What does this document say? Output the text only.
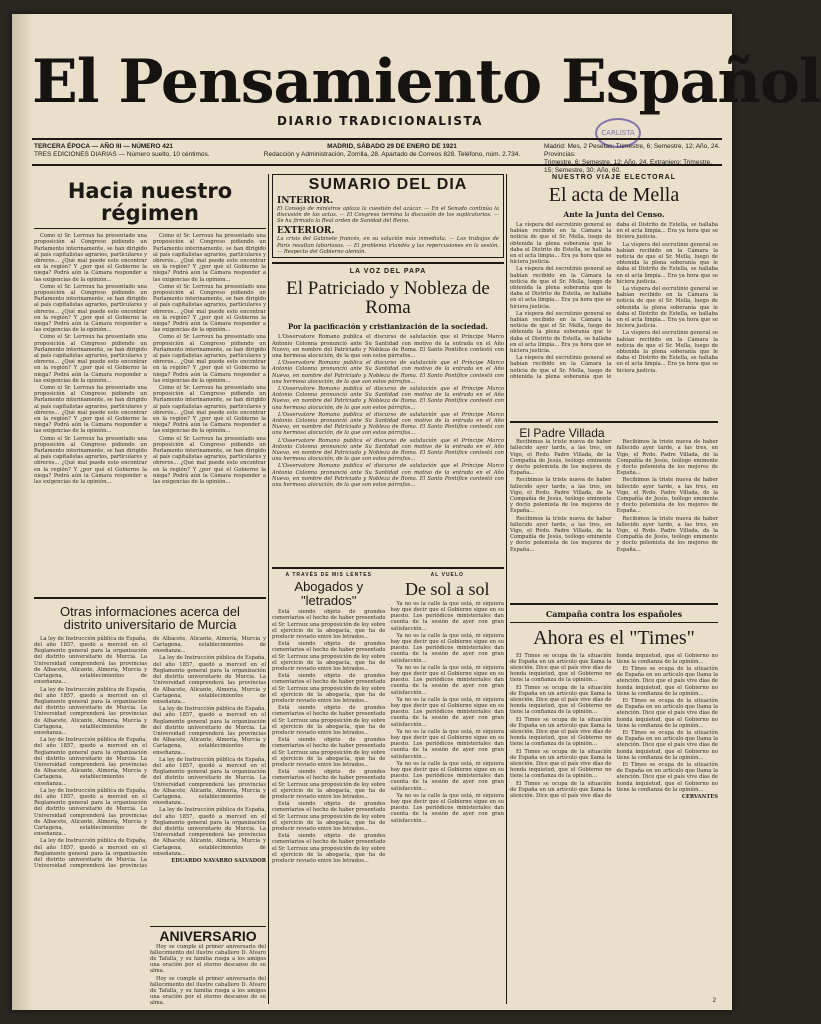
El Pensamiento Español
DIARIO TRADICIONALISTA
CARLISTA
TERCERA ÉPOCA — AÑO III — NÚMERO 421
TRES EDICIONES DIARIAS — Número suelto, 10 céntimos.
MADRID, SÁBADO 29 DE ENERO DE 1921
Redacción y Administración, Zorrilla, 28. Apartado de Correos 828. Teléfono, núm. 2.734.
Madrid: Mes, 2 Pesetas; Trimestre, 6; Semestre, 12; Año, 24. Provincias:
Trimestre, 6; Semestre, 12; Año, 24. Extranjero: Trimestre, 15; Semestre, 30; Año, 60.
Hacia nuestro régimen

Como el Sr. Lerroux ha presentado una proposición al Congreso pidiendo un Parlamento interinamente, se han dirigido al país capitalistas agrarios, particulares y obreros... ¿Qué mal puede esto encontrar en la región? Y ¿por qué el Gobierno la niega? Podrá aún la Cámara responder a las exigencias de la opinión...

Como el Sr. Lerroux ha presentado una proposición al Congreso pidiendo un Parlamento interinamente, se han dirigido al país capitalistas agrarios, particulares y obreros... ¿Qué mal puede esto encontrar en la región? Y ¿por qué el Gobierno la niega? Podrá aún la Cámara responder a las exigencias de la opinión...

Como el Sr. Lerroux ha presentado una proposición al Congreso pidiendo un Parlamento interinamente, se han dirigido al país capitalistas agrarios, particulares y obreros... ¿Qué mal puede esto encontrar en la región? Y ¿por qué el Gobierno la niega? Podrá aún la Cámara responder a las exigencias de la opinión...

Como el Sr. Lerroux ha presentado una proposición al Congreso pidiendo un Parlamento interinamente, se han dirigido al país capitalistas agrarios, particulares y obreros... ¿Qué mal puede esto encontrar en la región? Y ¿por qué el Gobierno la niega? Podrá aún la Cámara responder a las exigencias de la opinión...

Como el Sr. Lerroux ha presentado una proposición al Congreso pidiendo un Parlamento interinamente, se han dirigido al país capitalistas agrarios, particulares y obreros... ¿Qué mal puede esto encontrar en la región? Y ¿por qué el Gobierno la niega? Podrá aún la Cámara responder a las exigencias de la opinión...

Como el Sr. Lerroux ha presentado una proposición al Congreso pidiendo un Parlamento interinamente, se han dirigido al país capitalistas agrarios, particulares y obreros... ¿Qué mal puede esto encontrar en la región? Y ¿por qué el Gobierno la niega? Podrá aún la Cámara responder a las exigencias de la opinión...

Como el Sr. Lerroux ha presentado una proposición al Congreso pidiendo un Parlamento interinamente, se han dirigido al país capitalistas agrarios, particulares y obreros... ¿Qué mal puede esto encontrar en la región? Y ¿por qué el Gobierno la niega? Podrá aún la Cámara responder a las exigencias de la opinión...

Como el Sr. Lerroux ha presentado una proposición al Congreso pidiendo un Parlamento interinamente, se han dirigido al país capitalistas agrarios, particulares y obreros... ¿Qué mal puede esto encontrar en la región? Y ¿por qué el Gobierno la niega? Podrá aún la Cámara responder a las exigencias de la opinión...

Como el Sr. Lerroux ha presentado una proposición al Congreso pidiendo un Parlamento interinamente, se han dirigido al país capitalistas agrarios, particulares y obreros... ¿Qué mal puede esto encontrar en la región? Y ¿por qué el Gobierno la niega? Podrá aún la Cámara responder a las exigencias de la opinión...

Como el Sr. Lerroux ha presentado una proposición al Congreso pidiendo un Parlamento interinamente, se han dirigido al país capitalistas agrarios, particulares y obreros... ¿Qué mal puede esto encontrar en la región? Y ¿por qué el Gobierno la niega? Podrá aún la Cámara responder a las exigencias de la opinión...

Otras informaciones acerca del distrito universitario de Murcia

La ley de Instrucción pública de España, del año 1857, quedó a merced en el Reglamento general para la organización del distrito universitario de Murcia. La Universidad comprenderá las provincias de Albacete, Alicante, Almería, Murcia y Cartagena, establecimientos de enseñanza...

La ley de Instrucción pública de España, del año 1857, quedó a merced en el Reglamento general para la organización del distrito universitario de Murcia. La Universidad comprenderá las provincias de Albacete, Alicante, Almería, Murcia y Cartagena, establecimientos de enseñanza...

La ley de Instrucción pública de España, del año 1857, quedó a merced en el Reglamento general para la organización del distrito universitario de Murcia. La Universidad comprenderá las provincias de Albacete, Alicante, Almería, Murcia y Cartagena, establecimientos de enseñanza...

La ley de Instrucción pública de España, del año 1857, quedó a merced en el Reglamento general para la organización del distrito universitario de Murcia. La Universidad comprenderá las provincias de Albacete, Alicante, Almería, Murcia y Cartagena, establecimientos de enseñanza...

La ley de Instrucción pública de España, del año 1857, quedó a merced en el Reglamento general para la organización del distrito universitario de Murcia. La Universidad comprenderá las provincias de Albacete, Alicante, Almería, Murcia y Cartagena, establecimientos de enseñanza...

La ley de Instrucción pública de España, del año 1857, quedó a merced en el Reglamento general para la organización del distrito universitario de Murcia. La Universidad comprenderá las provincias de Albacete, Alicante, Almería, Murcia y Cartagena, establecimientos de enseñanza...

La ley de Instrucción pública de España, del año 1857, quedó a merced en el Reglamento general para la organización del distrito universitario de Murcia. La Universidad comprenderá las provincias de Albacete, Alicante, Almería, Murcia y Cartagena, establecimientos de enseñanza...

La ley de Instrucción pública de España, del año 1857, quedó a merced en el Reglamento general para la organización del distrito universitario de Murcia. La Universidad comprenderá las provincias de Albacete, Alicante, Almería, Murcia y Cartagena, establecimientos de enseñanza...

La ley de Instrucción pública de España, del año 1857, quedó a merced en el Reglamento general para la organización del distrito universitario de Murcia. La Universidad comprenderá las provincias de Albacete, Alicante, Almería, Murcia y Cartagena, establecimientos de enseñanza...

EDUARDO NAVARRO SALVADOR

ANIVERSARIO

Hoy se cumple el primer aniversario del fallecimiento del ilustre caballero D. Álvaro de Tafalla, y su familia ruega a los amigos una oración por el eterno descanso de su alma.

Hoy se cumple el primer aniversario del fallecimiento del ilustre caballero D. Álvaro de Tafalla, y su familia ruega a los amigos una oración por el eterno descanso de su alma.

SUMARIO DEL DIA
INTERIOR.
El Consejo de ministros aplaza la cuestión del azúcar. — En el Senado continúa la discusión de las actas. — El Congreso termina la discusión de los suplicatorios. — Se ha firmado la Real orden de Sanidad del Reino.
EXTERIOR.
La crisis del Gabinete francés, en su solución más inmediata. — Los trabajos de Paris resultan laboriosos. — El problema irlandés y las repercusiones en la sesión. — Respecto del Gobierno alemán.
LA VOZ DEL PAPA
El Patriciado y Nobleza de Roma
Por la pacificación y cristianización de la sociedad.

L'Osservatore Romano publica el discurso de salutación que el Príncipe Marco Antonio Colonna pronunció ante Su Santidad con motivo de la entrada en el Año Nuevo, en nombre del Patriciado y Nobleza de Roma. El Santo Pontífice contestó con una hermosa alocución, de la que son estos párrafos...

L'Osservatore Romano publica el discurso de salutación que el Príncipe Marco Antonio Colonna pronunció ante Su Santidad con motivo de la entrada en el Año Nuevo, en nombre del Patriciado y Nobleza de Roma. El Santo Pontífice contestó con una hermosa alocución, de la que son estos párrafos...

L'Osservatore Romano publica el discurso de salutación que el Príncipe Marco Antonio Colonna pronunció ante Su Santidad con motivo de la entrada en el Año Nuevo, en nombre del Patriciado y Nobleza de Roma. El Santo Pontífice contestó con una hermosa alocución, de la que son estos párrafos...

L'Osservatore Romano publica el discurso de salutación que el Príncipe Marco Antonio Colonna pronunció ante Su Santidad con motivo de la entrada en el Año Nuevo, en nombre del Patriciado y Nobleza de Roma. El Santo Pontífice contestó con una hermosa alocución, de la que son estos párrafos...

L'Osservatore Romano publica el discurso de salutación que el Príncipe Marco Antonio Colonna pronunció ante Su Santidad con motivo de la entrada en el Año Nuevo, en nombre del Patriciado y Nobleza de Roma. El Santo Pontífice contestó con una hermosa alocución, de la que son estos párrafos...

L'Osservatore Romano publica el discurso de salutación que el Príncipe Marco Antonio Colonna pronunció ante Su Santidad con motivo de la entrada en el Año Nuevo, en nombre del Patriciado y Nobleza de Roma. El Santo Pontífice contestó con una hermosa alocución, de la que son estos párrafos...

A TRAVÉS DE MIS LENTES
Abogados y "letrados"

Está siendo objeto de grandes comentarios el hecho de haber presentado el Sr. Lerroux una proposición de ley sobre el ejercicio de la abogacía, que ha de producir revuelo entre los letrados...

Está siendo objeto de grandes comentarios el hecho de haber presentado el Sr. Lerroux una proposición de ley sobre el ejercicio de la abogacía, que ha de producir revuelo entre los letrados...

Está siendo objeto de grandes comentarios el hecho de haber presentado el Sr. Lerroux una proposición de ley sobre el ejercicio de la abogacía, que ha de producir revuelo entre los letrados...

Está siendo objeto de grandes comentarios el hecho de haber presentado el Sr. Lerroux una proposición de ley sobre el ejercicio de la abogacía, que ha de producir revuelo entre los letrados...

Está siendo objeto de grandes comentarios el hecho de haber presentado el Sr. Lerroux una proposición de ley sobre el ejercicio de la abogacía, que ha de producir revuelo entre los letrados...

Está siendo objeto de grandes comentarios el hecho de haber presentado el Sr. Lerroux una proposición de ley sobre el ejercicio de la abogacía, que ha de producir revuelo entre los letrados...

Está siendo objeto de grandes comentarios el hecho de haber presentado el Sr. Lerroux una proposición de ley sobre el ejercicio de la abogacía, que ha de producir revuelo entre los letrados...

Está siendo objeto de grandes comentarios el hecho de haber presentado el Sr. Lerroux una proposición de ley sobre el ejercicio de la abogacía, que ha de producir revuelo entre los letrados...

AL VUELO
De sol a sol

Ya no es la calle la que está, ni siquiera hay que decir que el Gobierno sigue en su puesto. Los periódicos ministeriales dan cuenta de la sesión de ayer con gran satisfacción...

Ya no es la calle la que está, ni siquiera hay que decir que el Gobierno sigue en su puesto. Los periódicos ministeriales dan cuenta de la sesión de ayer con gran satisfacción...

Ya no es la calle la que está, ni siquiera hay que decir que el Gobierno sigue en su puesto. Los periódicos ministeriales dan cuenta de la sesión de ayer con gran satisfacción...

Ya no es la calle la que está, ni siquiera hay que decir que el Gobierno sigue en su puesto. Los periódicos ministeriales dan cuenta de la sesión de ayer con gran satisfacción...

Ya no es la calle la que está, ni siquiera hay que decir que el Gobierno sigue en su puesto. Los periódicos ministeriales dan cuenta de la sesión de ayer con gran satisfacción...

Ya no es la calle la que está, ni siquiera hay que decir que el Gobierno sigue en su puesto. Los periódicos ministeriales dan cuenta de la sesión de ayer con gran satisfacción...

Ya no es la calle la que está, ni siquiera hay que decir que el Gobierno sigue en su puesto. Los periódicos ministeriales dan cuenta de la sesión de ayer con gran satisfacción...

NUESTRO VIAJE ELECTORAL
El acta de Mella
Ante la Junta del Censo.

La víspera del escrutinio general se habían recibido en la Cámara la noticia de que el Sr. Mella, luego de obtenida la plena soberanía que le daba el Distrito de Estella, se hallaba en el acta limpia... Era ya hora que se hiciera justicia.

La víspera del escrutinio general se habían recibido en la Cámara la noticia de que el Sr. Mella, luego de obtenida la plena soberanía que le daba el Distrito de Estella, se hallaba en el acta limpia... Era ya hora que se hiciera justicia.

La víspera del escrutinio general se habían recibido en la Cámara la noticia de que el Sr. Mella, luego de obtenida la plena soberanía que le daba el Distrito de Estella, se hallaba en el acta limpia... Era ya hora que se hiciera justicia.

La víspera del escrutinio general se habían recibido en la Cámara la noticia de que el Sr. Mella, luego de obtenida la plena soberanía que le daba el Distrito de Estella, se hallaba en el acta limpia... Era ya hora que se hiciera justicia.

La víspera del escrutinio general se habían recibido en la Cámara la noticia de que el Sr. Mella, luego de obtenida la plena soberanía que le daba el Distrito de Estella, se hallaba en el acta limpia... Era ya hora que se hiciera justicia.

La víspera del escrutinio general se habían recibido en la Cámara la noticia de que el Sr. Mella, luego de obtenida la plena soberanía que le daba el Distrito de Estella, se hallaba en el acta limpia... Era ya hora que se hiciera justicia.

La víspera del escrutinio general se habían recibido en la Cámara la noticia de que el Sr. Mella, luego de obtenida la plena soberanía que le daba el Distrito de Estella, se hallaba en el acta limpia... Era ya hora que se hiciera justicia.

El Padre Villada

Recibimos la triste nueva de haber fallecido ayer tarde, a las tres, en Vigo, el Rvdo. Padre Villada, de la Compañía de Jesús, teólogo eminente y docto polemista de los mejores de España...

Recibimos la triste nueva de haber fallecido ayer tarde, a las tres, en Vigo, el Rvdo. Padre Villada, de la Compañía de Jesús, teólogo eminente y docto polemista de los mejores de España...

Recibimos la triste nueva de haber fallecido ayer tarde, a las tres, en Vigo, el Rvdo. Padre Villada, de la Compañía de Jesús, teólogo eminente y docto polemista de los mejores de España...

Recibimos la triste nueva de haber fallecido ayer tarde, a las tres, en Vigo, el Rvdo. Padre Villada, de la Compañía de Jesús, teólogo eminente y docto polemista de los mejores de España...

Recibimos la triste nueva de haber fallecido ayer tarde, a las tres, en Vigo, el Rvdo. Padre Villada, de la Compañía de Jesús, teólogo eminente y docto polemista de los mejores de España...

Recibimos la triste nueva de haber fallecido ayer tarde, a las tres, en Vigo, el Rvdo. Padre Villada, de la Compañía de Jesús, teólogo eminente y docto polemista de los mejores de España...

Campaña contra los españoles
Ahora es el "Times"

El Times se ocupa de la situación de España en un artículo que llama la atención. Dice que el país vive días de honda inquietud, que el Gobierno no tiene la confianza de la opinión...

El Times se ocupa de la situación de España en un artículo que llama la atención. Dice que el país vive días de honda inquietud, que el Gobierno no tiene la confianza de la opinión...

El Times se ocupa de la situación de España en un artículo que llama la atención. Dice que el país vive días de honda inquietud, que el Gobierno no tiene la confianza de la opinión...

El Times se ocupa de la situación de España en un artículo que llama la atención. Dice que el país vive días de honda inquietud, que el Gobierno no tiene la confianza de la opinión...

El Times se ocupa de la situación de España en un artículo que llama la atención. Dice que el país vive días de honda inquietud, que el Gobierno no tiene la confianza de la opinión...

El Times se ocupa de la situación de España en un artículo que llama la atención. Dice que el país vive días de honda inquietud, que el Gobierno no tiene la confianza de la opinión...

El Times se ocupa de la situación de España en un artículo que llama la atención. Dice que el país vive días de honda inquietud, que el Gobierno no tiene la confianza de la opinión...

El Times se ocupa de la situación de España en un artículo que llama la atención. Dice que el país vive días de honda inquietud, que el Gobierno no tiene la confianza de la opinión...

El Times se ocupa de la situación de España en un artículo que llama la atención. Dice que el país vive días de honda inquietud, que el Gobierno no tiene la confianza de la opinión...

CERVANTES

2
